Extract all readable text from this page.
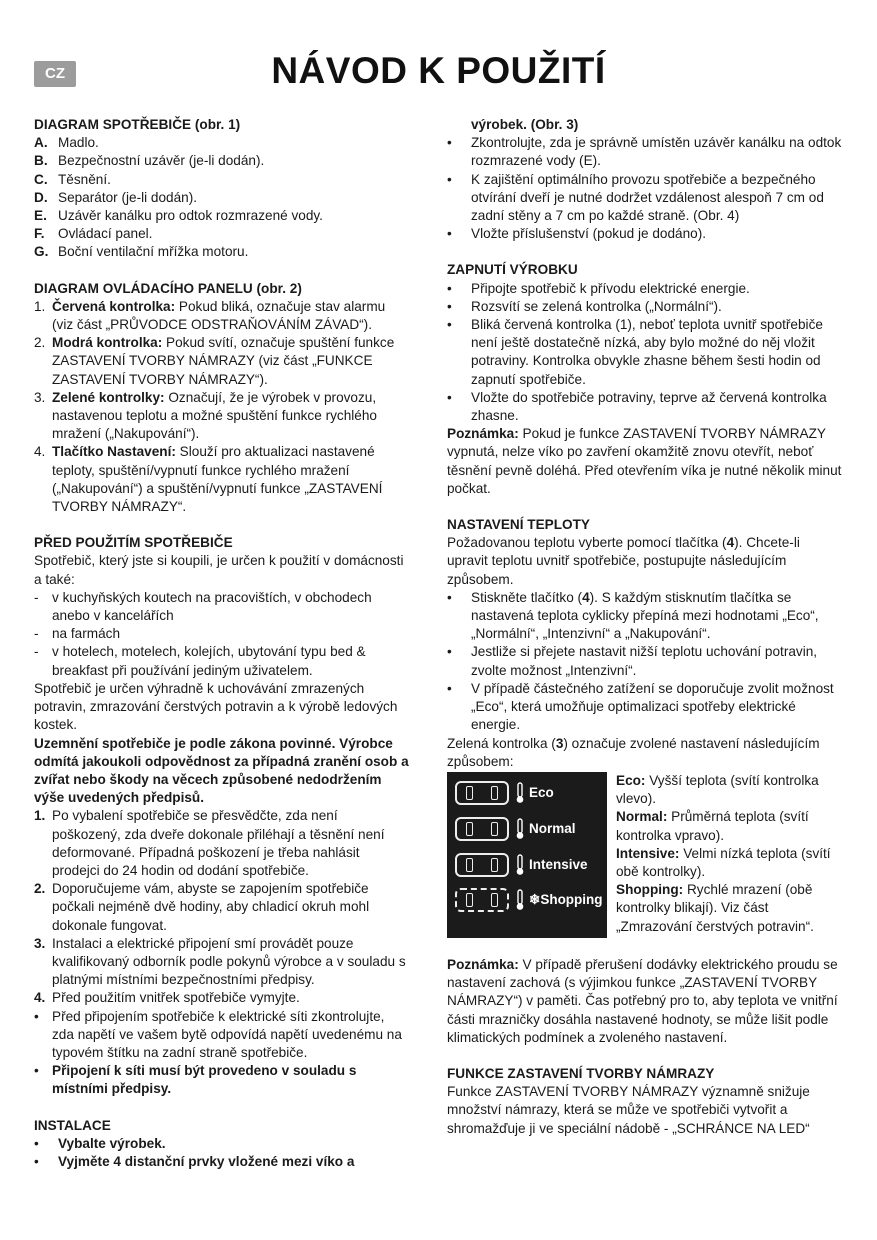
CZ	NÁVOD K POUŽITÍ
DIAGRAM SPOTŘEBIČE (obr. 1)
A. Madlo.
B. Bezpečnostní uzávěr (je-li dodán).
C. Těsnění.
D. Separátor (je-li dodán).
E. Uzávěr kanálku pro odtok rozmrazené vody.
F. Ovládací panel.
G. Boční ventilační mřížka motoru.
DIAGRAM OVLÁDACÍHO PANELU (obr. 2)
1. Červená kontrolka: Pokud bliká, označuje stav alarmu (viz část „PRŮVODCE ODSTRAŇOVÁNÍM ZÁVAD“).
2. Modrá kontrolka: Pokud svítí, označuje spuštění funkce ZASTAVENÍ TVORBY NÁMRAZY (viz část „FUNKCE ZASTAVENÍ TVORBY NÁMRAZY“).
3. Zelené kontrolky: Označují, že je výrobek v provozu, nastavenou teplotu a možné spuštění funkce rychlého mražení („Nakupování“).
4. Tlačítko Nastavení: Slouží pro aktualizaci nastavené teploty, spuštění/vypnutí funkce rychlého mražení („Nakupování“) a spuštění/vypnutí funkce „ZASTAVENÍ TVORBY NÁMRAZY“.
PŘED POUŽITÍM SPOTŘEBIČE
Spotřebič, který jste si koupili, je určen k použití v domácnosti a také:
- v kuchyňských koutech na pracovištích, v obchodech anebo v kancelářích
- na farmách
- v hotelech, motelech, kolejích, ubytování typu bed & breakfast při používání jediným uživatelem.
Spotřebič je určen výhradně k uchovávání zmrazených potravin, zmrazování čerstvých potravin a k výrobě ledových kostek.
Uzemnění spotřebiče je podle zákona povinné. Výrobce odmítá jakoukoli odpovědnost za případná zranění osob a zvířat nebo škody na věcech způsobené nedodržením výše uvedených předpisů.
1. Po vybalení spotřebiče se přesvědčte, zda není poškozený, zda dveře dokonale přiléhají a těsnění není deformované. Případná poškození je třeba nahlásit prodejci do 24 hodin od dodání spotřebiče.
2. Doporučujeme vám, abyste se zapojením spotřebiče počkali nejméně dvě hodiny, aby chladicí okruh mohl dokonale fungovat.
3. Instalaci a elektrické připojení smí provádět pouze kvalifikovaný odborník podle pokynů výrobce a v souladu s platnými místními bezpečnostními předpisy.
4. Před použitím vnitřek spotřebiče vymyjte.
• Před připojením spotřebiče k elektrické síti zkontrolujte, zda napětí ve vašem bytě odpovídá napětí uvedenému na typovém štítku na zadní straně spotřebiče.
• Připojení k síti musí být provedeno v souladu s místními předpisy.
INSTALACE
•	Vybalte výrobek.
•	Vyjměte 4 distanční prvky vložené mezi víko a
výrobek. (Obr. 3)
•	Zkontrolujte, zda je správně umístěn uzávěr kanálku na odtok rozmrazené vody (E).
•	K zajištění optimálního provozu spotřebiče a bezpečného otvírání dveří je nutné dodržet vzdálenost alespoň 7 cm od zadní stěny a 7 cm po každé straně. (Obr. 4)
•	Vložte příslušenství (pokud je dodáno).
ZAPNUTÍ VÝROBKU
•	Připojte spotřebič k přívodu elektrické energie.
•	Rozsvítí se zelená kontrolka („Normální“).
•	Bliká červená kontrolka (1), neboť teplota uvnitř spotřebiče není ještě dostatečně nízká, aby bylo možné do něj vložit potraviny. Kontrolka obvykle zhasne během šesti hodin od zapnutí spotřebiče.
•	Vložte do spotřebiče potraviny, teprve až červená kontrolka zhasne.
Poznámka: Pokud je funkce ZASTAVENÍ TVORBY NÁMRAZY vypnutá, nelze víko po zavření okamžitě znovu otevřít, neboť těsnění pevně doléhá. Před otevřením víka je nutné několik minut počkat.
NASTAVENÍ TEPLOTY
Požadovanou teplotu vyberte pomocí tlačítka (4). Chcete-li upravit teplotu uvnitř spotřebiče, postupujte následujícím způsobem.
•	Stiskněte tlačítko (4). S každým stisknutím tlačítka se nastavená teplota cyklicky přepíná mezi hodnotami „Eco“, „Normální“, „Intenzivní“ a „Nakupování“.
•	Jestliže si přejete nastavit nižší teplotu uchování potravin, zvolte možnost „Intenzivní“.
•	V případě částečného zatížení se doporučuje zvolit možnost „Eco“, která umožňuje optimalizaci spotřeby elektrické energie.
Zelená kontrolka (3) označuje zvolené nastavení následujícím způsobem:
Eco
Normal
Intensive
❄Shopping
Eco: Vyšší teplota (svítí kontrolka vlevo).
Normal: Průměrná teplota (svítí kontrolka vpravo).
Intensive: Velmi nízká teplota (svítí obě kontrolky).
Shopping: Rychlé mrazení (obě kontrolky blikají). Viz část „Zmrazování čerstvých potravin“.
Poznámka: V případě přerušení dodávky elektrického proudu se nastavení zachová (s výjimkou funkce „ZASTAVENÍ TVORBY NÁMRAZY“) v paměti. Čas potřebný pro to, aby teplota ve vnitřní části mrazničky dosáhla nastavené hodnoty, se může lišit podle klimatických podmínek a zvoleného nastavení.
FUNKCE ZASTAVENÍ TVORBY NÁMRAZY
Funkce ZASTAVENÍ TVORBY NÁMRAZY významně snižuje množství námrazy, která se může ve spotřebiči vytvořit a shromažďuje ji ve speciální nádobě - „SCHRÁNCE NA LED“
